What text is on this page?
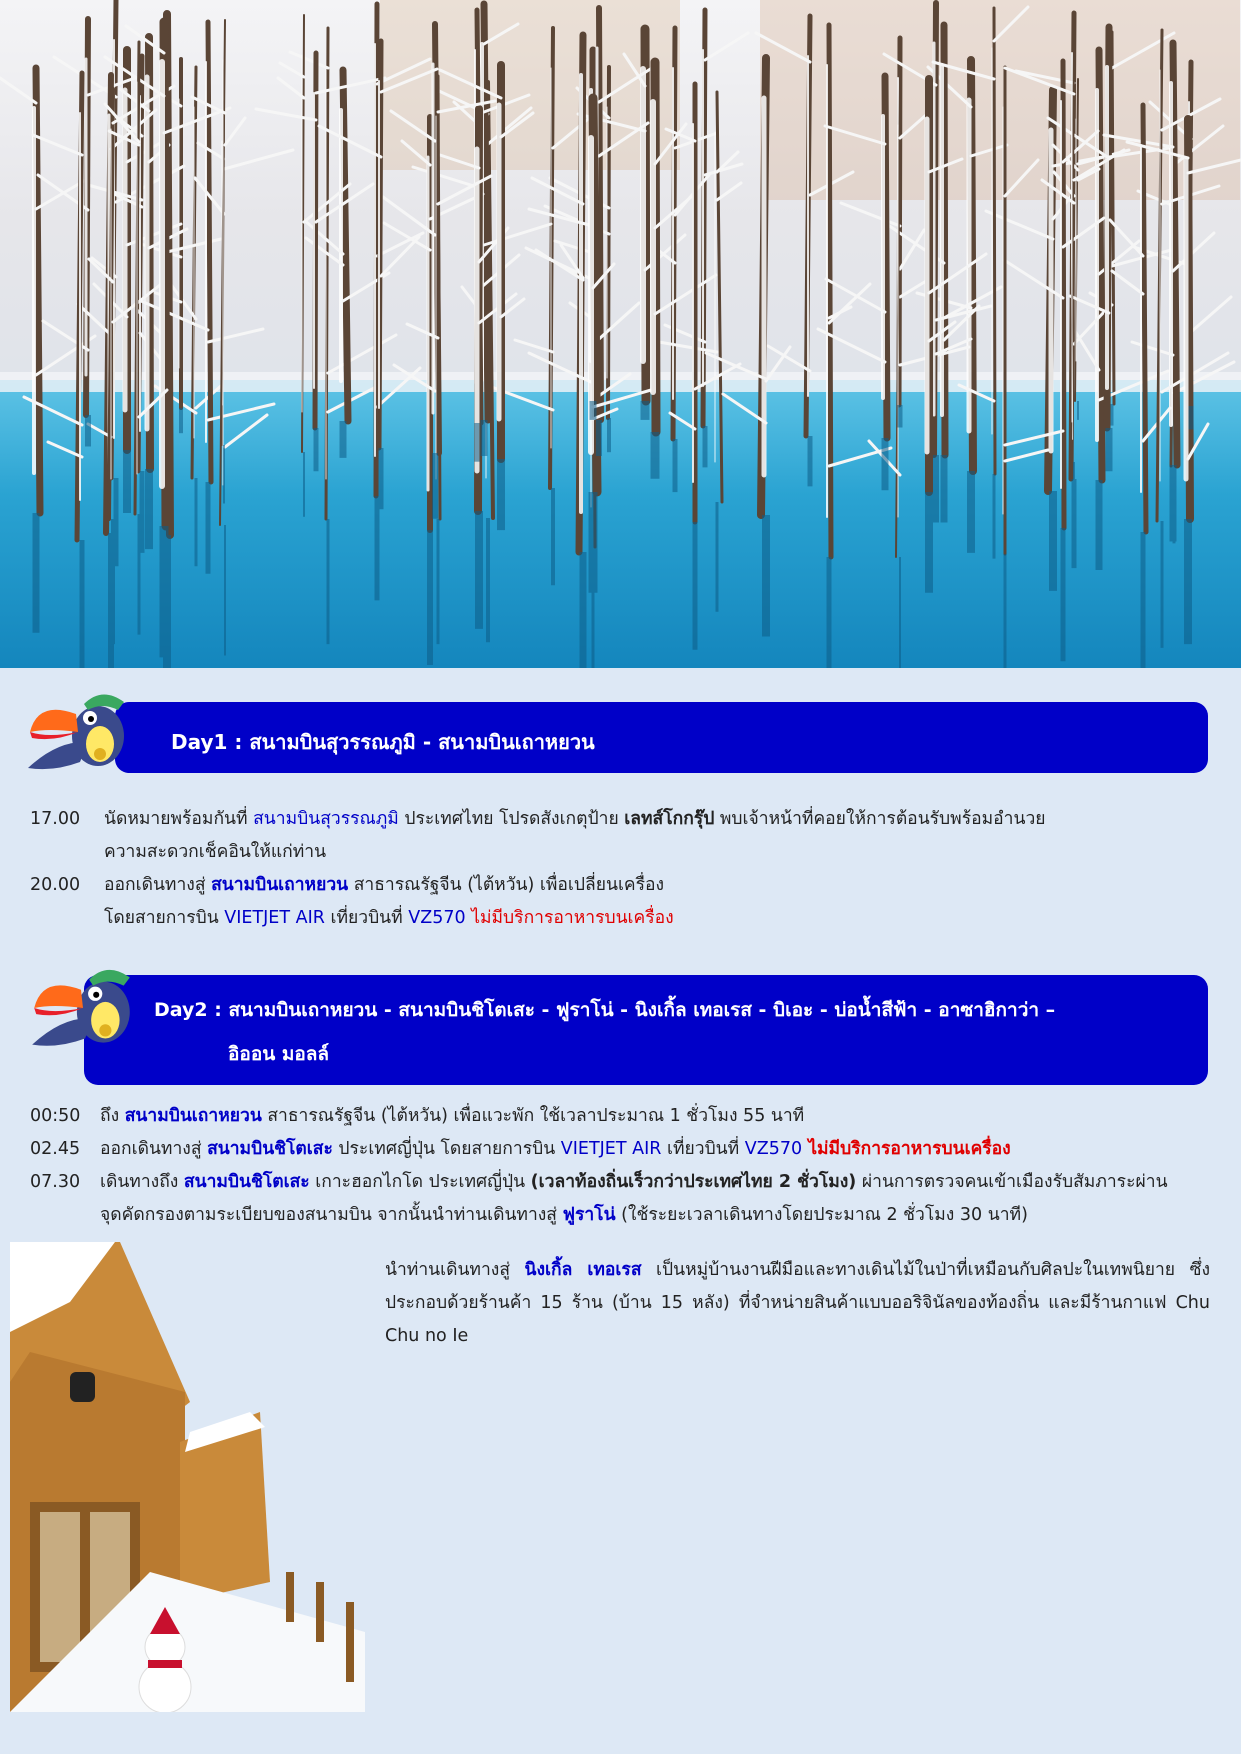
Day1 : สนามบินสุวรรณภูมิ - สนามบินเถาหยวน
17.00 นัดหมายพร้อมกันที่ สนามบินสุวรรณภูมิ ประเทศไทย โปรดสังเกตุป้าย เลทส์โกกรุ๊ป พบเจ้าหน้าที่คอยให้การต้อนรับพร้อมอำนวย
ความสะดวกเช็คอินให้แก่ท่าน
20.00 ออกเดินทางสู่ สนามบินเถาหยวน สาธารณรัฐจีน (ไต้หวัน) เพื่อเปลี่ยนเครื่อง
โดยสายการบิน VIETJET AIR เที่ยวบินที่ VZ570 ไม่มีบริการอาหารบนเครื่อง
Day2 : สนามบินเถาหยวน - สนามบินชิโตเสะ - ฟูราโน่ - นิงเกิ้ล เทอเรส - บิเอะ - บ่อน้ำสีฟ้า - อาซาฮิกาว่า –
อิออน มอลล์
00:50 ถึง สนามบินเถาหยวน สาธารณรัฐจีน (ไต้หวัน) เพื่อแวะพัก ใช้เวลาประมาณ 1 ชั่วโมง 55 นาที
02.45 ออกเดินทางสู่ สนามบินชิโตเสะ ประเทศญี่ปุ่น โดยสายการบิน VIETJET AIR เที่ยวบินที่ VZ570 ไม่มีบริการอาหารบนเครื่อง
07.30 เดินทางถึง สนามบินชิโตเสะ เกาะฮอกไกโด ประเทศญี่ปุ่น (เวลาท้องถิ่นเร็วกว่าประเทศไทย 2 ชั่วโมง) ผ่านการตรวจคนเข้าเมืองรับสัมภาระผ่าน
จุดคัดกรองตามระเบียบของสนามบิน จากนั้นนำท่านเดินทางสู่ ฟูราโน่ (ใช้ระยะเวลาเดินทางโดยประมาณ 2 ชั่วโมง 30 นาที)
นำท่านเดินทางสู่ นิงเกิ้ล เทอเรส เป็นหมู่บ้านงานฝีมือและทางเดินไม้ในป่าที่เหมือนกับศิลปะในเทพนิยาย ซึ่งประกอบด้วยร้านค้า 15 ร้าน (บ้าน 15 หลัง) ที่จำหน่ายสินค้าแบบออริจินัลของท้องถิ่น และมีร้านกาแฟ Chu Chu no Ie
